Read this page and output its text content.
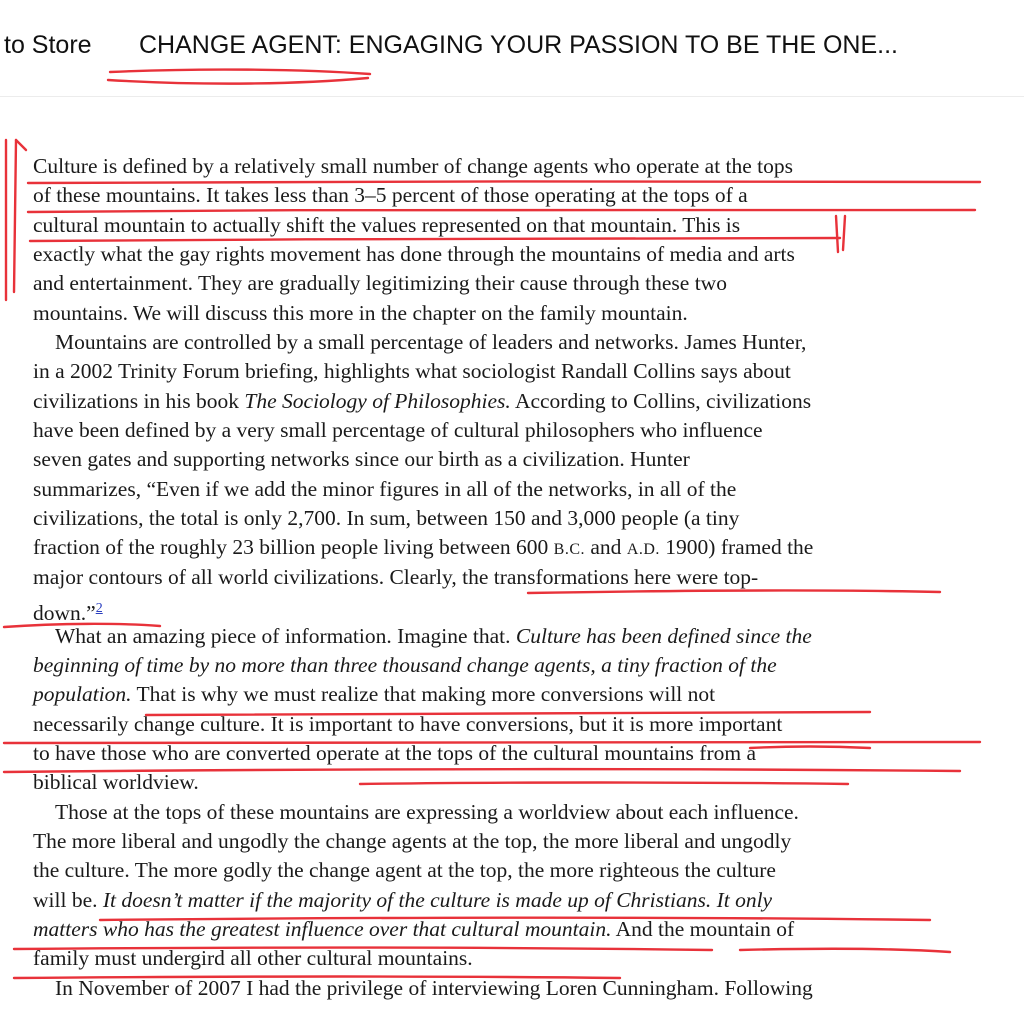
to Store CHANGE AGENT: ENGAGING YOUR PASSION TO BE THE ONE...
Culture is defined by a relatively small number of change agents who operate at the tops
of these mountains. It takes less than 3–5 percent of those operating at the tops of a
cultural mountain to actually shift the values represented on that mountain. This is
exactly what the gay rights movement has done through the mountains of media and arts
and entertainment. They are gradually legitimizing their cause through these two
mountains. We will discuss this more in the chapter on the family mountain.
Mountains are controlled by a small percentage of leaders and networks. James Hunter,
in a 2002 Trinity Forum briefing, highlights what sociologist Randall Collins says about
civilizations in his book The Sociology of Philosophies. According to Collins, civilizations
have been defined by a very small percentage of cultural philosophers who influence
seven gates and supporting networks since our birth as a civilization. Hunter
summarizes, “Even if we add the minor figures in all of the networks, in all of the
civilizations, the total is only 2,700. In sum, between 150 and 3,000 people (a tiny
fraction of the roughly 23 billion people living between 600 B.C. and A.D. 1900) framed the
major contours of all world civilizations. Clearly, the transformations here were top-
down.”$^2$
What an amazing piece of information. Imagine that. Culture has been defined since the
beginning of time by no more than three thousand change agents, a tiny fraction of the
population. That is why we must realize that making more conversions will not
necessarily change culture. It is important to have conversions, but it is more important
to have those who are converted operate at the tops of the cultural mountains from a
biblical worldview.
Those at the tops of these mountains are expressing a worldview about each influence.
The more liberal and ungodly the change agents at the top, the more liberal and ungodly
the culture. The more godly the change agent at the top, the more righteous the culture
will be. It doesn’t matter if the majority of the culture is made up of Christians. It only
matters who has the greatest influence over that cultural mountain. And the mountain of
family must undergird all other cultural mountains.
In November of 2007 I had the privilege of interviewing Loren Cunningham. Following
